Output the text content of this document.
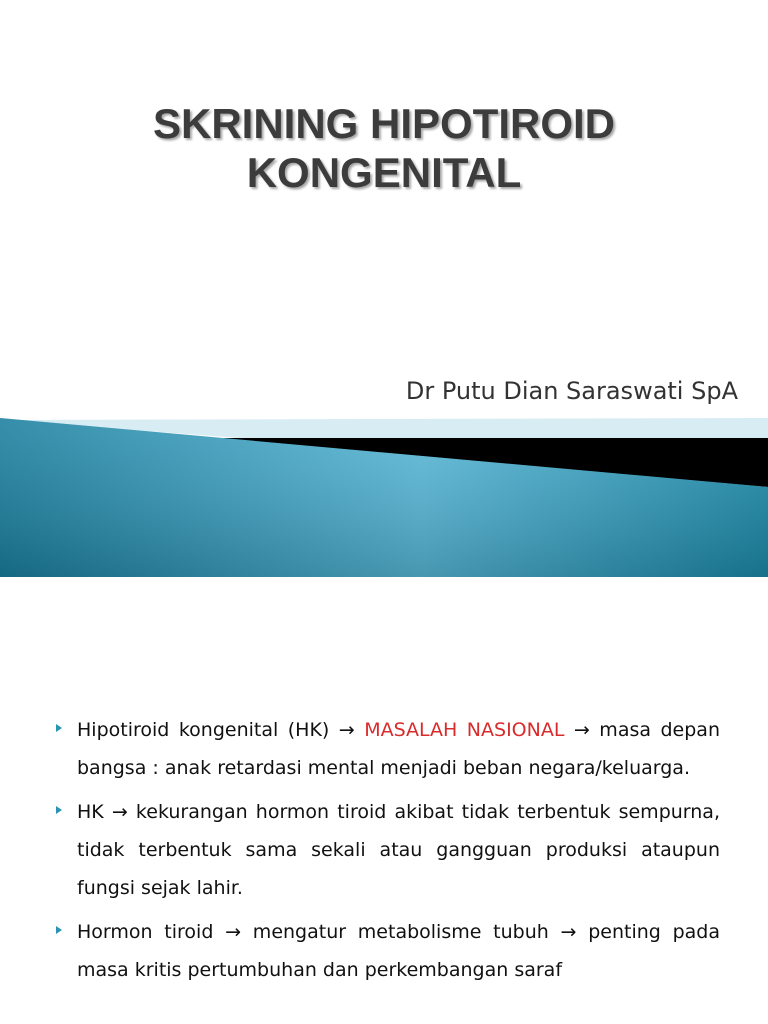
SKRINING HIPOTIROID
KONGENITAL
Dr Putu Dian Saraswati SpA
Hipotiroid kongenital (HK) → MASALAH NASIONAL → masa depan bangsa : anak retardasi mental menjadi beban negara/keluarga.
HK → kekurangan hormon tiroid akibat tidak terbentuk sempurna, tidak terbentuk sama sekali atau gangguan produksi ataupun fungsi sejak lahir.
Hormon tiroid → mengatur metabolisme tubuh → penting pada masa kritis pertumbuhan dan perkembangan saraf
